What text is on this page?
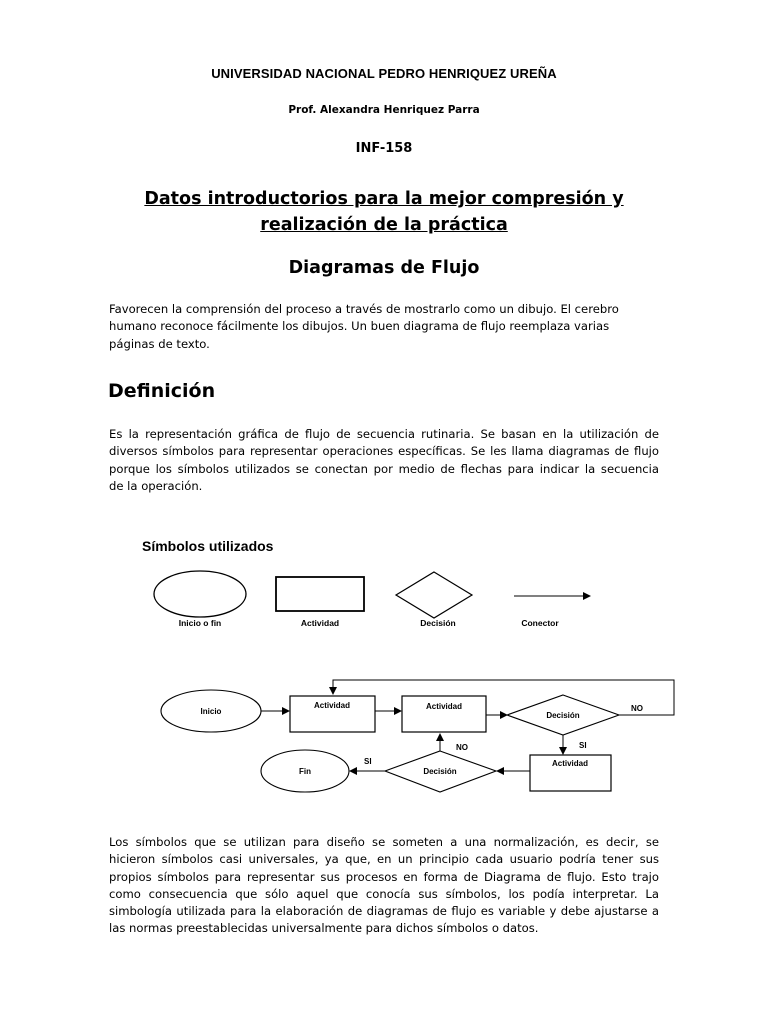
UNIVERSIDAD NACIONAL PEDRO HENRIQUEZ UREÑA
Prof. Alexandra Henriquez Parra
INF-158
Datos introductorios para la mejor compresión y
realización de la práctica
Diagramas de Flujo
Favorecen la comprensión del proceso a través de mostrarlo como un dibujo. El cerebro
humano reconoce fácilmente los dibujos. Un buen diagrama de flujo reemplaza varias
páginas de texto.
Definición
Es la representación gráfica de flujo de secuencia rutinaria. Se basan en la utilización de
diversos símbolos para representar operaciones específicas. Se les llama diagramas de flujo
porque los símbolos utilizados se conectan por medio de flechas para indicar la secuencia
de la operación.
Símbolos utilizados
Inicio o fin	Actividad	Decisión	Conector
Inicio
Actividad	Actividad
Decisión
NO
SI
Actividad
Decisión
NO
SI
Fin
Los símbolos que se utilizan para diseño se someten a una normalización, es decir, se
hicieron símbolos casi universales, ya que, en un principio cada usuario podría tener sus
propios símbolos para representar sus procesos en forma de Diagrama de flujo. Esto trajo
como consecuencia que sólo aquel que conocía sus símbolos, los podía interpretar. La
simbología utilizada para la elaboración de diagramas de flujo es variable y debe ajustarse a
las normas preestablecidas universalmente para dichos símbolos o datos.
